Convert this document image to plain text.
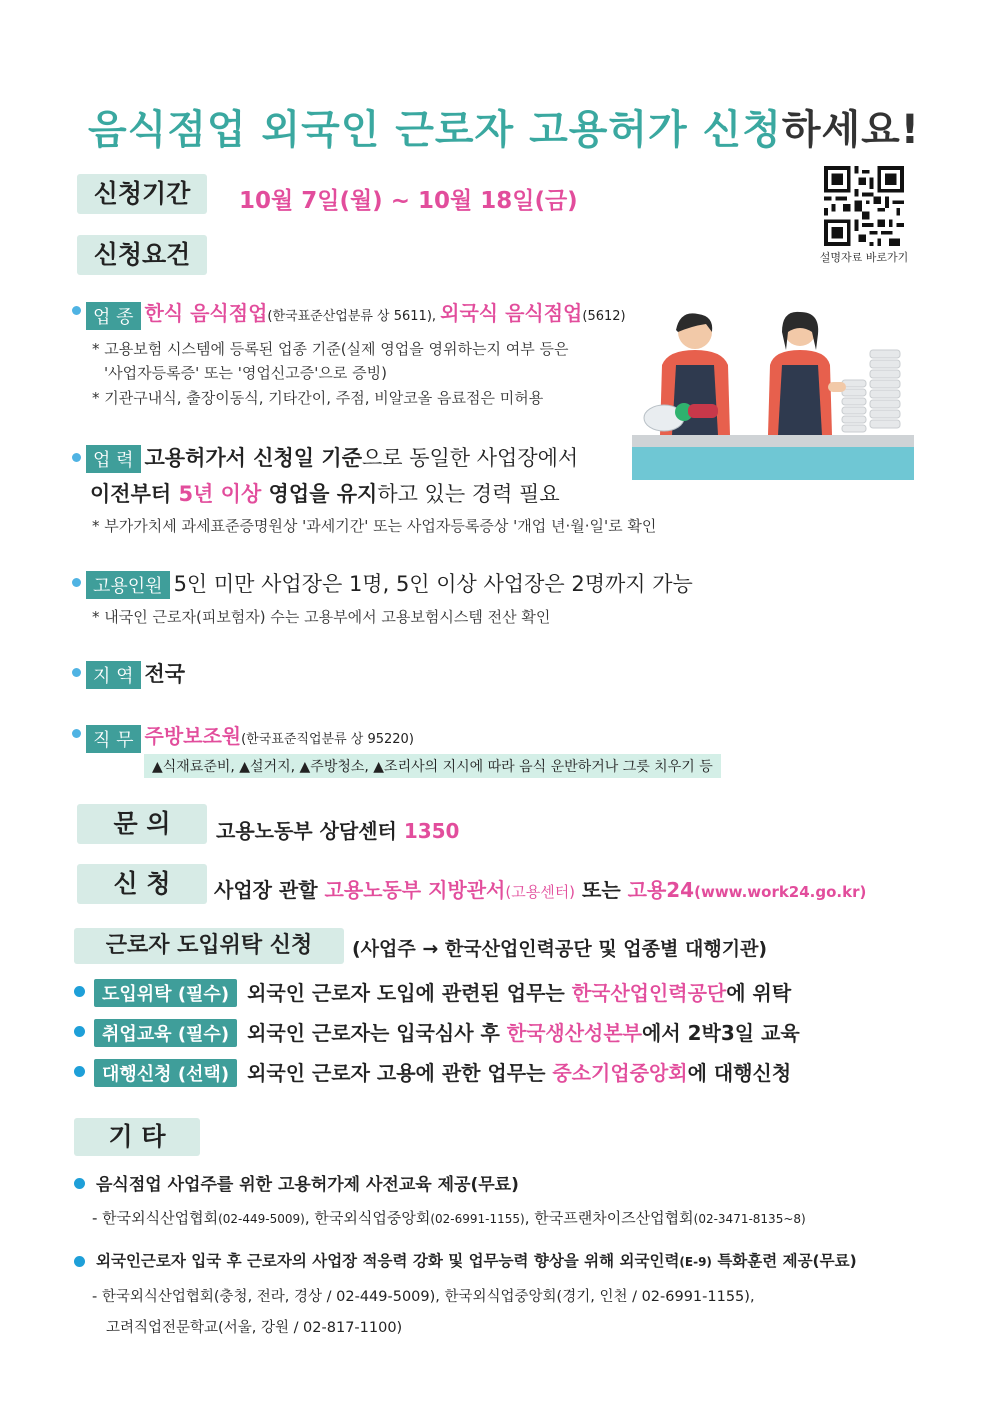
음식점업 외국인 근로자 고용허가 신청하세요!
신청기간	10월 7일(월) ~ 10월 18일(금)
설명자료 바로가기
신청요건
업 종 한식 음식점업(한국표준산업분류 상 5611), 외국식 음식점업(5612)
* 고용보험 시스템에 등록된 업종 기준(실제 영업을 영위하는지 여부 등은
'사업자등록증' 또는 '영업신고증'으로 증빙)
* 기관구내식, 출장이동식, 기타간이, 주점, 비알코올 음료점은 미허용
업 력 고용허가서 신청일 기준으로 동일한 사업장에서
이전부터 5년 이상 영업을 유지하고 있는 경력 필요
* 부가가치세 과세표준증명원상 '과세기간' 또는 사업자등록증상 '개업 년·월·일'로 확인
고용인원 5인 미만 사업장은 1명, 5인 이상 사업장은 2명까지 가능
* 내국인 근로자(피보험자) 수는 고용부에서 고용보험시스템 전산 확인
지 역 전국
직 무 주방보조원(한국표준직업분류 상 95220)
▲식재료준비, ▲설거지, ▲주방청소, ▲조리사의 지시에 따라 음식 운반하거나 그릇 치우기 등
문 의	고용노동부 상담센터 1350
신 청	사업장 관할 고용노동부 지방관서(고용센터) 또는 고용24(www.work24.go.kr)
근로자 도입위탁 신청	(사업주 → 한국산업인력공단 및 업종별 대행기관)
도입위탁 (필수) 외국인 근로자 도입에 관련된 업무는 한국산업인력공단에 위탁
취업교육 (필수) 외국인 근로자는 입국심사 후 한국생산성본부에서 2박3일 교육
대행신청 (선택) 외국인 근로자 고용에 관한 업무는 중소기업중앙회에 대행신청
기 타
음식점업 사업주를 위한 고용허가제 사전교육 제공(무료)
- 한국외식산업협회(02-449-5009), 한국외식업중앙회(02-6991-1155), 한국프랜차이즈산업협회(02-3471-8135~8)
외국인근로자 입국 후 근로자의 사업장 적응력 강화 및 업무능력 향상을 위해 외국인력(E-9) 특화훈련 제공(무료)
- 한국외식산업협회(충청, 전라, 경상 / 02-449-5009), 한국외식업중앙회(경기, 인천 / 02-6991-1155),
고려직업전문학교(서울, 강원 / 02-817-1100)
